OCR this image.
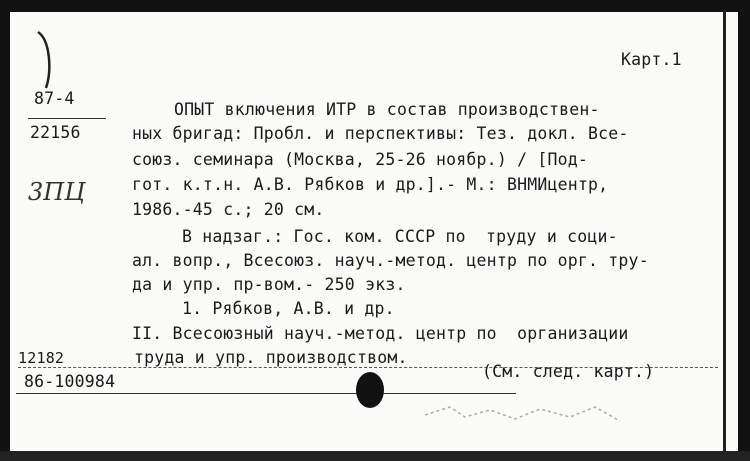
Карт.1
87-4
22156
3ПЦ
ОПЫТ включения ИТР в состав производствен-
ных бригад: Пробл. и перспективы: Тез. докл. Все-
союз. семинара (Москва, 25-26 ноябр.) / [Под-
гот. к.т.н. А.В. Рябков и др.].- М.: ВНМИцентр,
1986.-45 с.; 20 см.
В надзаг.: Гос. ком. СССР по  труду и соци-
ал. вопр., Всесоюз. науч.-метод. центр по орг. тру-
да и упр. пр-вом.- 250 экз.
1. Рябков, А.В. и др.
II. Всесоюзный науч.-метод. центр по  организации
труда и упр. производством.
12182
(См. след. карт.)
86-100984
